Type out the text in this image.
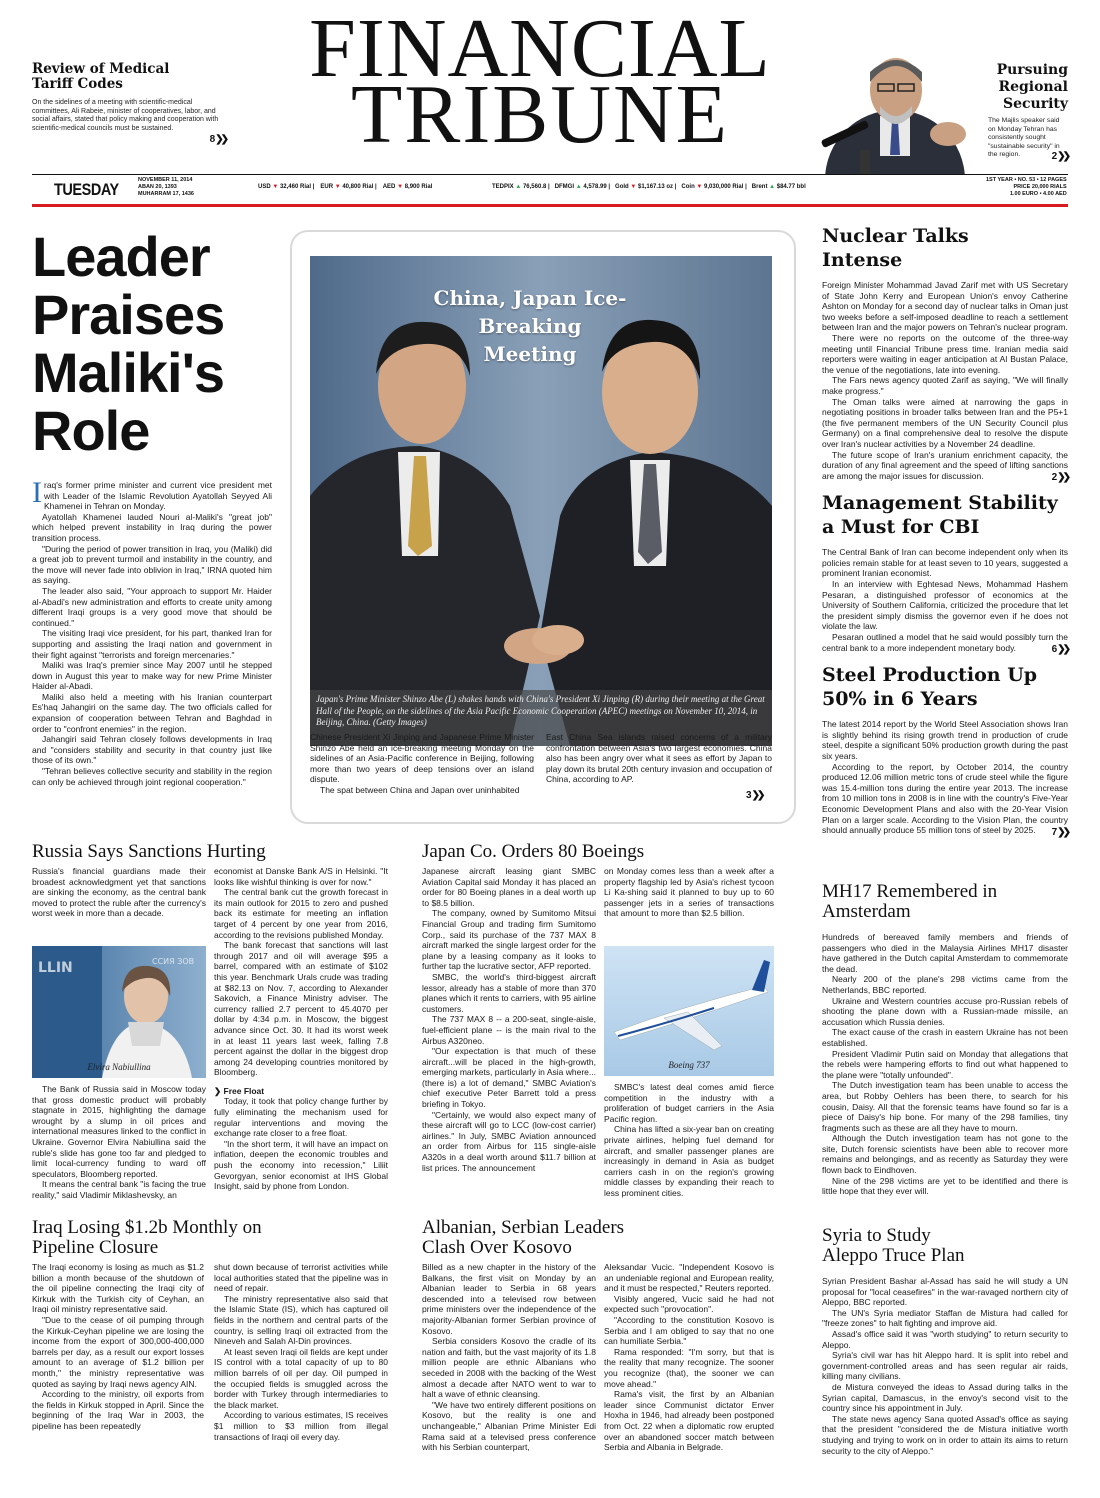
Review of Medical Tariff Codes
On the sidelines of a meeting with scientific-medical committees, Ali Rabeie, minister of cooperatives, labor, and social affairs, stated that policy making and cooperation with scientific-medical councils must be sustained.
8❯❯
FINANCIAL
TRIBUNE	Pursuing Regional Security
The Majlis speaker said on Monday Tehran has consistently sought "sustainable security" in the region.	2❯❯
TUESDAY	NOVEMBER 11, 2014
ABAN 20, 1393
MUHARRAM 17, 1436
USD ▼ 32,460 Rial | EUR ▼ 40,800 Rial | AED ▼ 8,900 Rial	TEDPIX ▲ 76,560.8 | DFMGI ▲ 4,578.99 | Gold ▼ $1,167.13 oz | Coin ▼ 9,030,000 Rial | Brent ▲ $84.77 bbl
1ST YEAR • NO. 53 • 12 PAGES
PRICE 20,000 RIALS
1.00 EURO • 4.00 AED
Leader Praises Maliki's Role

Iraq's former prime minister and current vice president met with Leader of the Islamic Revolution Ayatollah Seyyed Ali Khamenei in Tehran on Monday.

Ayatollah Khamenei lauded Nouri al-Maliki's "great job" which helped prevent instability in Iraq during the power transition process.

"During the period of power transition in Iraq, you (Maliki) did a great job to prevent turmoil and instability in the country, and the move will never fade into oblivion in Iraq," IRNA quoted him as saying.

The leader also said, "Your approach to support Mr. Haider al-Abadi's new administration and efforts to create unity among different Iraqi groups is a very good move that should be continued."

The visiting Iraqi vice president, for his part, thanked Iran for supporting and assisting the Iraqi nation and government in their fight against "terrorists and foreign mercenaries."

Maliki was Iraq's premier since May 2007 until he stepped down in August this year to make way for new Prime Minister Haider al-Abadi.

Maliki also held a meeting with his Iranian counterpart Es'haq Jahangiri on the same day. The two officials called for expansion of cooperation between Tehran and Baghdad in order to "confront enemies" in the region.

Jahangiri said Tehran closely follows developments in Iraq and "considers stability and security in that country just like those of its own."

"Tehran believes collective security and stability in the region can only be achieved through joint regional cooperation."

China, Japan Ice-Breaking Meeting
Japan's Prime Minister Shinzo Abe (L) shakes hands with China's President Xi Jinping (R) during their meeting at the Great Hall of the People, on the sidelines of the Asia Pacific Economic Cooperation (APEC) meetings on November 10, 2014, in Beijing, China. (Getty Images)

Chinese President Xi Jinping and Japanese Prime Minister Shinzo Abe held an ice-breaking meeting Monday on the sidelines of an Asia-Pacific conference in Beijing, following more than two years of deep tensions over an island dispute.

The spat between China and Japan over uninhabited

East China Sea islands raised concerns of a military confrontation between Asia's two largest economies. China also has been angry over what it sees as effort by Japan to play down its brutal 20th century invasion and occupation of China, according to AP.

3❯❯
Nuclear Talks Intense

Foreign Minister Mohammad Javad Zarif met with US Secretary of State John Kerry and European Union's envoy Catherine Ashton on Monday for a second day of nuclear talks in Oman just two weeks before a self-imposed deadline to reach a settlement between Iran and the major powers on Tehran's nuclear program.

There were no reports on the outcome of the three-way meeting until Financial Tribune press time. Iranian media said reporters were waiting in eager anticipation at Al Bustan Palace, the venue of the negotiations, late into evening.

The Fars news agency quoted Zarif as saying, "We will finally make progress."

The Oman talks were aimed at narrowing the gaps in negotiating positions in broader talks between Iran and the P5+1 (the five permanent members of the UN Security Council plus Germany) on a final comprehensive deal to resolve the dispute over Iran's nuclear activities by a November 24 deadline.

The future scope of Iran's uranium enrichment capacity, the duration of any final agreement and the speed of lifting sanctions are among the major issues for discussion.	2❯❯
Management Stability a Must for CBI

The Central Bank of Iran can become independent only when its policies remain stable for at least seven to 10 years, suggested a prominent Iranian economist.

In an interview with Eghtesad News, Mohammad Hashem Pesaran, a distinguished professor of economics at the University of Southern California, criticized the procedure that let the president simply dismiss the governor even if he does not violate the law.

Pesaran outlined a model that he said would possibly turn the central bank to a more independent monetary body.	6❯❯
Steel Production Up 50% in 6 Years

The latest 2014 report by the World Steel Association shows Iran is slightly behind its rising growth trend in production of crude steel, despite a significant 50% production growth during the past six years.

According to the report, by October 2014, the country produced 12.06 million metric tons of crude steel while the figure was 15.4-million tons during the entire year 2013. The increase from 10 million tons in 2008 is in line with the country's Five-Year Economic Development Plans and also with the 20-Year Vision Plan on a larger scale. According to the Vision Plan, the country should annually produce 55 million tons of steel by 2025.	7❯❯
MH17 Remembered in Amsterdam

Hundreds of bereaved family members and friends of passengers who died in the Malaysia Airlines MH17 disaster have gathered in the Dutch capital Amsterdam to commemorate the dead.

Nearly 200 of the plane's 298 victims came from the Netherlands, BBC reported.

Ukraine and Western countries accuse pro-Russian rebels of shooting the plane down with a Russian-made missile, an accusation which Russia denies.

The exact cause of the crash in eastern Ukraine has not been established.

President Vladimir Putin said on Monday that allegations that the rebels were hampering efforts to find out what happened to the plane were "totally unfounded".

The Dutch investigation team has been unable to access the area, but Robby Oehlers has been there, to search for his cousin, Daisy. All that the forensic teams have found so far is a piece of Daisy's hip bone. For many of the 298 families, tiny fragments such as these are all they have to mourn.

Although the Dutch investigation team has not gone to the site, Dutch forensic scientists have been able to recover more remains and belongings, and as recently as Saturday they were flown back to Eindhoven.

Nine of the 298 victims are yet to be identified and there is little hope that they ever will.

Syria to Study Aleppo Truce Plan

Syrian President Bashar al-Assad has said he will study a UN proposal for "local ceasefires" in the war-ravaged northern city of Aleppo, BBC reported.

The UN's Syria mediator Staffan de Mistura had called for "freeze zones" to halt fighting and improve aid.

Assad's office said it was "worth studying" to return security to Aleppo.

Syria's civil war has hit Aleppo hard. It is split into rebel and government-controlled areas and has seen regular air raids, killing many civilians.

de Mistura conveyed the ideas to Assad during talks in the Syrian capital, Damascus, in the envoy's second visit to the country since his appointment in July.

The state news agency Sana quoted Assad's office as saying that the president "considered the de Mistura initiative worth studying and trying to work on in order to attain its aims to return security to the city of Aleppo."

Russia Says Sanctions Hurting

Russia's financial guardians made their broadest acknowledgment yet that sanctions are sinking the economy, as the central bank moved to protect the ruble after the currency's worst week in more than a decade.

LLIN	ССИЯ ЗОВ
Elvira Nabiullina

The Bank of Russia said in Moscow today that gross domestic product will probably stagnate in 2015, highlighting the damage wrought by a slump in oil prices and international measures linked to the conflict in Ukraine. Governor Elvira Nabiullina said the ruble's slide has gone too far and pledged to limit local-currency funding to ward off speculators, Bloomberg reported.

It means the central bank "is facing the true reality," said Vladimir Miklashevsky, an

economist at Danske Bank A/S in Helsinki. "It looks like wishful thinking is over for now."

The central bank cut the growth forecast in its main outlook for 2015 to zero and pushed back its estimate for meeting an inflation target of 4 percent by one year from 2016, according to the revisions published Monday.

The bank forecast that sanctions will last through 2017 and oil will average $95 a barrel, compared with an estimate of $102 this year. Benchmark Urals crude was trading at $82.13 on Nov. 7, according to Alexander Sakovich, a Finance Ministry adviser. The currency rallied 2.7 percent to 45.4070 per dollar by 4:34 p.m. in Moscow, the biggest advance since Oct. 30. It had its worst week in at least 11 years last week, falling 7.8 percent against the dollar in the biggest drop among 24 developing countries monitored by Bloomberg.

❯ Free Float

Today, it took that policy change further by fully eliminating the mechanism used for regular interventions and moving the exchange rate closer to a free float.

"In the short term, it will have an impact on inflation, deepen the economic troubles and push the economy into recession," Liliit Gevorgyan, senior economist at IHS Global Insight, said by phone from London.

Japan Co. Orders 80 Boeings

Japanese aircraft leasing giant SMBC Aviation Capital said Monday it has placed an order for 80 Boeing planes in a deal worth up to $8.5 billion.

The company, owned by Sumitomo Mitsui Financial Group and trading firm Sumitomo Corp., said its purchase of the 737 MAX 8 aircraft marked the single largest order for the plane by a leasing company as it looks to further tap the lucrative sector, AFP reported.

SMBC, the world's third-biggest aircraft lessor, already has a stable of more than 370 planes which it rents to carriers, with 95 airline customers.

The 737 MAX 8 -- a 200-seat, single-aisle, fuel-efficient plane -- is the main rival to the Airbus A320neo.

"Our expectation is that much of these aircraft...will be placed in the high-growth, emerging markets, particularly in Asia where...(there is) a lot of demand," SMBC Aviation's chief executive Peter Barrett told a press briefing in Tokyo.

"Certainly, we would also expect many of these aircraft will go to LCC (low-cost carrier) airlines." In July, SMBC Aviation announced an order from Airbus for 115 single-aisle A320s in a deal worth around $11.7 billion at list prices. The announcement

on Monday comes less than a week after a property flagship led by Asia's richest tycoon Li Ka-shing said it planned to buy up to 60 passenger jets in a series of transactions that amount to more than $2.5 billion.

Boeing 737

SMBC's latest deal comes amid fierce competition in the industry with a proliferation of budget carriers in the Asia Pacific region.

China has lifted a six-year ban on creating private airlines, helping fuel demand for aircraft, and smaller passenger planes are increasingly in demand in Asia as budget carriers cash in on the region's growing middle classes by expanding their reach to less prominent cities.

Iraq Losing $1.2b Monthly on Pipeline Closure

The Iraqi economy is losing as much as $1.2 billion a month because of the shutdown of the oil pipeline connecting the Iraqi city of Kirkuk with the Turkish city of Ceyhan, an Iraqi oil ministry representative said.

"Due to the cease of oil pumping through the Kirkuk-Ceyhan pipeline we are losing the income from the export of 300,000-400,000 barrels per day, as a result our export losses amount to an average of $1.2 billion per month," the ministry representative was quoted as saying by Iraqi news agency AIN.

According to the ministry, oil exports from the fields in Kirkuk stopped in April. Since the beginning of the Iraq War in 2003, the pipeline has been repeatedly

shut down because of terrorist activities while local authorities stated that the pipeline was in need of repair.

The ministry representative also said that the Islamic State (IS), which has captured oil fields in the northern and central parts of the country, is selling Iraqi oil extracted from the Nineveh and Salah Al-Din provinces.

At least seven Iraqi oil fields are kept under IS control with a total capacity of up to 80 million barrels of oil per day. Oil pumped in the occupied fields is smuggled across the border with Turkey through intermediaries to the black market.

According to various estimates, IS receives $1 million to $3 million from illegal transactions of Iraqi oil every day.

Albanian, Serbian Leaders Clash Over Kosovo

Billed as a new chapter in the history of the Balkans, the first visit on Monday by an Albanian leader to Serbia in 68 years descended into a televised row between prime ministers over the independence of the majority-Albanian former Serbian province of Kosovo.

Serbia considers Kosovo the cradle of its nation and faith, but the vast majority of its 1.8 million people are ethnic Albanians who seceded in 2008 with the backing of the West almost a decade after NATO went to war to halt a wave of ethnic cleansing.

"We have two entirely different positions on Kosovo, but the reality is one and unchangeable," Albanian Prime Minister Edi Rama said at a televised press conference with his Serbian counterpart,

Aleksandar Vucic. "Independent Kosovo is an undeniable regional and European reality, and it must be respected," Reuters reported.

Visibly angered, Vucic said he had not expected such "provocation".

"According to the constitution Kosovo is Serbia and I am obliged to say that no one can humiliate Serbia."

Rama responded: "I'm sorry, but that is the reality that many recognize. The sooner you recognize (that), the sooner we can move ahead."

Rama's visit, the first by an Albanian leader since Communist dictator Enver Hoxha in 1946, had already been postponed from Oct. 22 when a diplomatic row erupted over an abandoned soccer match between Serbia and Albania in Belgrade.
